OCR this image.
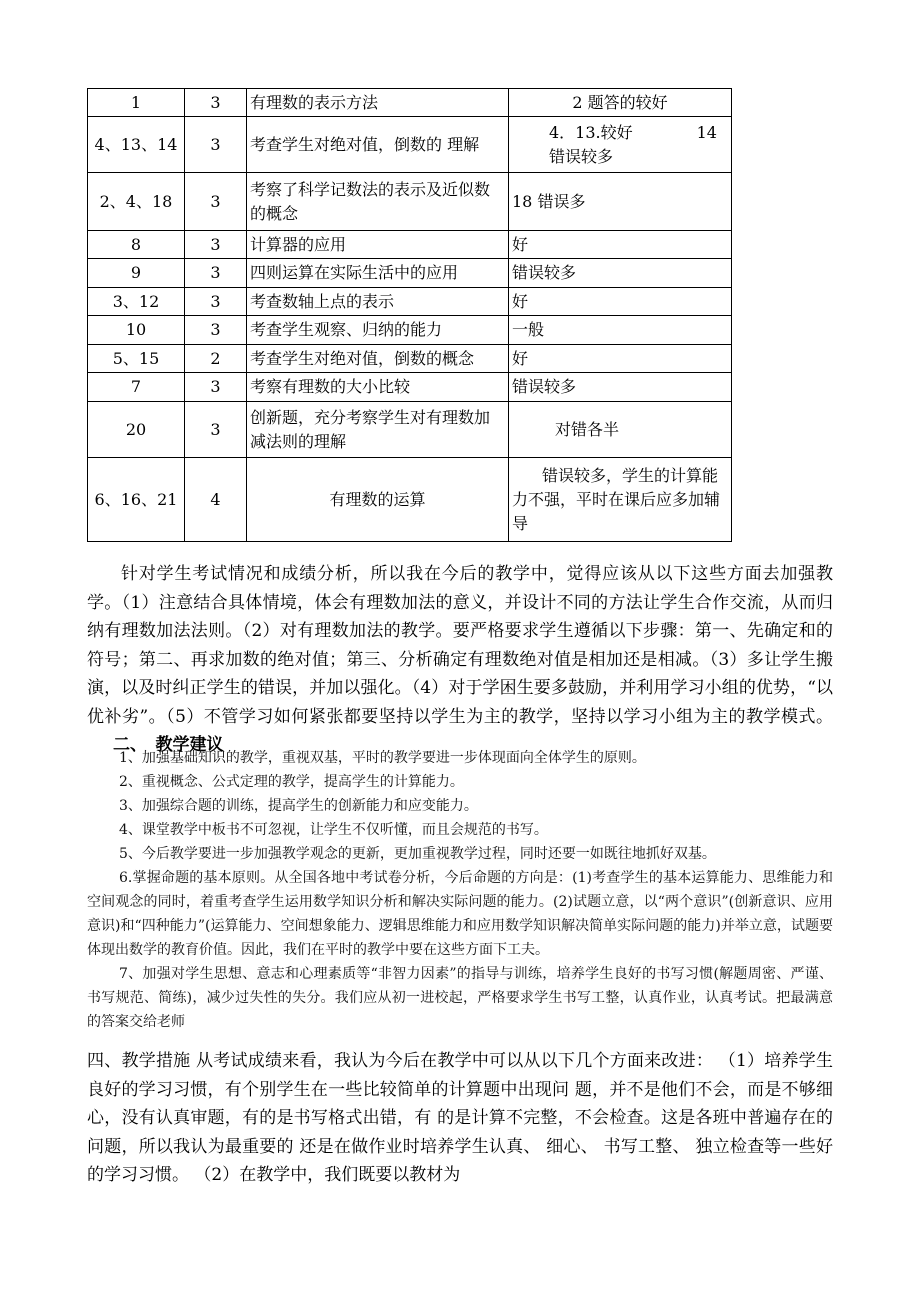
1	3	有理数的表示方法	2 题答的较好
4、13、14	3	考查学生对绝对值，倒数的 理解	4．13.较好　　　　14 错误较多
2、4、18	3	考察了科学记数法的表示及近似数的概念	18 错误多
8	3	计算器的应用	好
9	3	四则运算在实际生活中的应用	错误较多
3、12	3	考查数轴上点的表示	好
10	3	考查学生观察、归纳的能力	一般
5、15	2	考查学生对绝对值，倒数的概念	好
7	3	考察有理数的大小比较	错误较多
20	3	创新题，充分考察学生对有理数加减法则的理解	对错各半
6、16、21	4	有理数的运算	错误较多，学生的计算能力不强，平时在课后应多加辅导
针对学生考试情况和成绩分析，所以我在今后的教学中，觉得应该从以下这些方面去加强教学。（1）注意结合具体情境，体会有理数加法的意义，并设计不同的方法让学生合作交流，从而归纳有理数加法法则。（2）对有理数加法的教学。要严格要求学生遵循以下步骤：第一、先确定和的符号；第二、再求加数的绝对值；第三、分析确定有理数绝对值是相加还是相减。（3）多让学生搬演，以及时纠正学生的错误，并加以强化。（4）对于学困生要多鼓励，并利用学习小组的优势，“以优补劣”。（5）不管学习如何紧张都要坚持以学生为主的教学，坚持以学习小组为主的教学模式。二、　教学建议

1、加强基础知识的教学，重视双基，平时的教学要进一步体现面向全体学生的原则。

2、重视概念、公式定理的教学，提高学生的计算能力。

3、加强综合题的训练，提高学生的创新能力和应变能力。

4、课堂教学中板书不可忽视，让学生不仅听懂，而且会规范的书写。

5、今后教学要进一步加强教学观念的更新，更加重视教学过程，同时还要一如既往地抓好双基。

6.掌握命题的基本原则。从全国各地中考试卷分析，今后命题的方向是：(1)考查学生的基本运算能力、思维能力和空间观念的同时，着重考查学生运用数学知识分析和解决实际问题的能力。(2)试题立意，以“两个意识”(创新意识、应用意识)和“四种能力”(运算能力、空间想象能力、逻辑思维能力和应用数学知识解决简单实际问题的能力)并举立意，试题要体现出数学的教育价值。因此，我们在平时的教学中要在这些方面下工夫。

7、加强对学生思想、意志和心理素质等“非智力因素”的指导与训练，培养学生良好的书写习惯(解题周密、严谨、书写规范、简练)，减少过失性的失分。我们应从初一进校起，严格要求学生书写工整，认真作业，认真考试。把最满意的答案交给老师

四、教学措施 从考试成绩来看，我认为今后在教学中可以从以下几个方面来改进： （1）培养学生良好的学习习惯，有个别学生在一些比较简单的计算题中出现问 题，并不是他们不会，而是不够细心，没有认真审题，有的是书写格式出错，有 的是计算不完整，不会检查。这是各班中普遍存在的问题，所以我认为最重要的 还是在做作业时培养学生认真、 细心、 书写工整、 独立检查等一些好的学习习惯。 （2）在教学中，我们既要以教材为
